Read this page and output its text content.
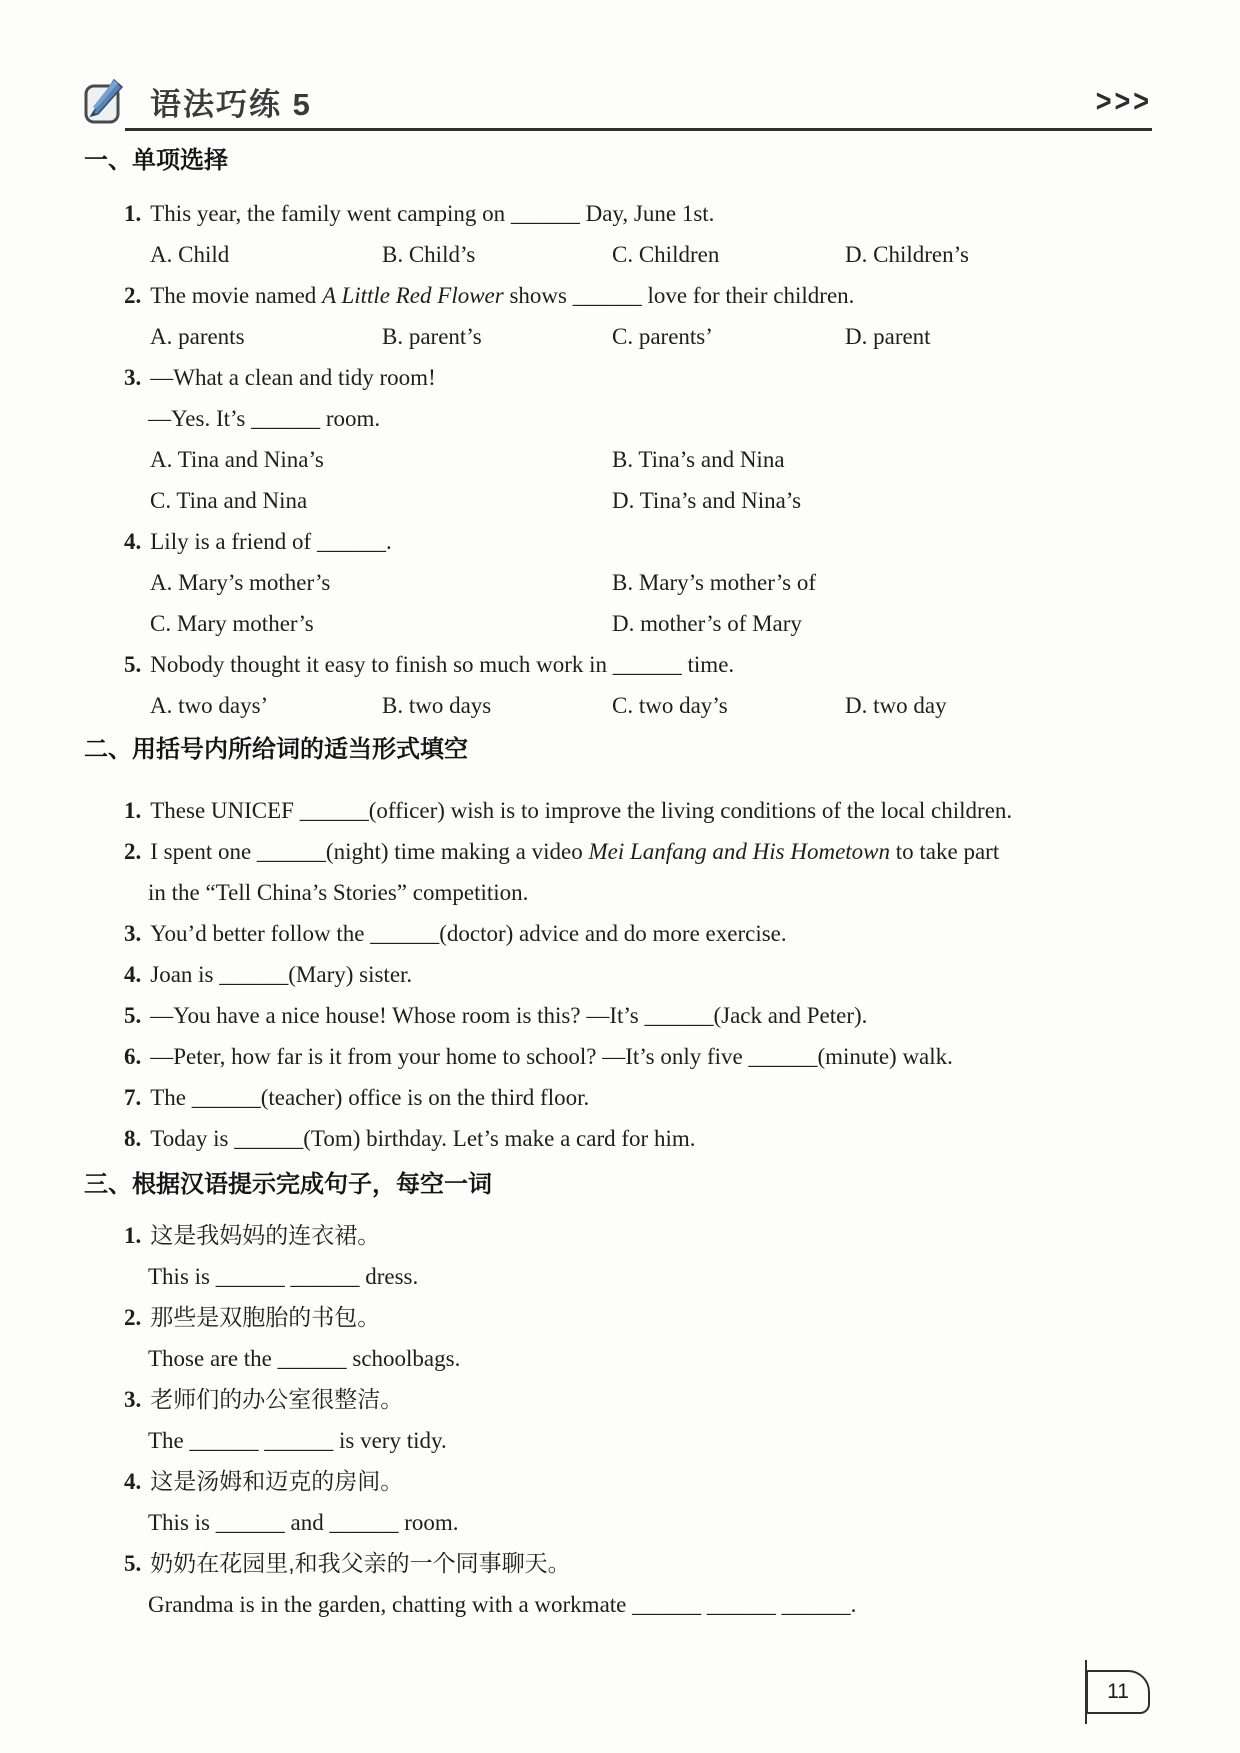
语法巧练 5	>>>
一、单项选择
1. This year, the family went camping on ______ Day, June 1st.
A. Child	B. Child’s	C. Children	D. Children’s
2. The movie named A Little Red Flower shows ______ love for their children.
A. parents	B. parent’s	C. parents’	D. parent
3. —What a clean and tidy room!
—Yes. It’s ______ room.
A. Tina and Nina’s	B. Tina’s and Nina
C. Tina and Nina	D. Tina’s and Nina’s
4. Lily is a friend of ______.
A. Mary’s mother’s	B. Mary’s mother’s of
C. Mary mother’s	D. mother’s of Mary
5. Nobody thought it easy to finish so much work in ______ time.
A. two days’	B. two days	C. two day’s	D. two day
二、用括号内所给词的适当形式填空
1. These UNICEF ______(officer) wish is to improve the living conditions of the local children.
2. I spent one ______(night) time making a video Mei Lanfang and His Hometown to take part
in the “Tell China’s Stories” competition.
3. You’d better follow the ______(doctor) advice and do more exercise.
4. Joan is ______(Mary) sister.
5. —You have a nice house! Whose room is this? —It’s ______(Jack and Peter).
6. —Peter, how far is it from your home to school? —It’s only five ______(minute) walk.
7. The ______(teacher) office is on the third floor.
8. Today is ______(Tom) birthday. Let’s make a card for him.
三、根据汉语提示完成句子，每空一词
1. 这是我妈妈的连衣裙。
This is ______ ______ dress.
2. 那些是双胞胎的书包。
Those are the ______ schoolbags.
3. 老师们的办公室很整洁。
The ______ ______ is very tidy.
4. 这是汤姆和迈克的房间。
This is ______ and ______ room.
5. 奶奶在花园里,和我父亲的一个同事聊天。
Grandma is in the garden, chatting with a workmate ______ ______ ______.
11
